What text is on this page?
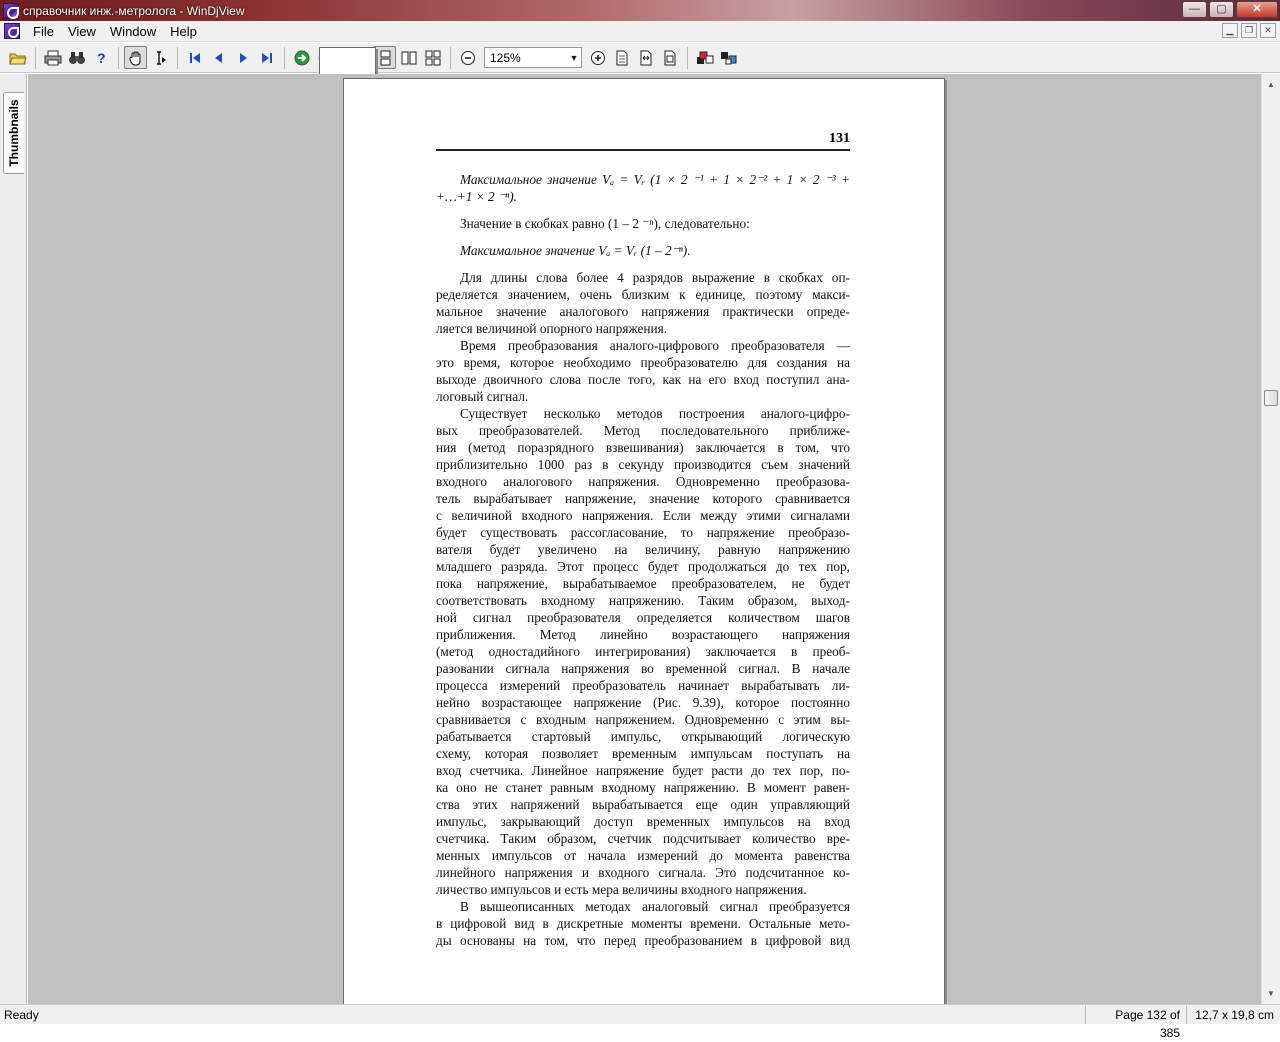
справочник инж.-метролога - WinDjView	—	▢	✕
File	View	Window	Help	▁	❐	✕
?	125%	▼
Thumbnails	131
Максимальное значение Vₐ = Vᵣ (1 × 2 ⁻¹ + 1 × 2⁻² + 1 × 2 ⁻³ +
+…+1 × 2 ⁻ⁿ).
Значение в скобках равно (1 – 2 ⁻ⁿ), следовательно:
Максимальное значение Vₐ = Vᵣ (1 – 2⁻ⁿ).
Для длины слова более 4 разрядов выражение в скобках оп-
ределяется значением, очень близким к единице, поэтому макси-
мальное значение аналогового напряжения практически опреде-
ляется величиной опорного напряжения.
Время преобразования аналого-цифрового преобразователя —
это время, которое необходимо преобразователю для создания на
выходе двоичного слова после того, как на его вход поступил ана-
логовый сигнал.
Существует несколько методов построения аналого-цифро-
вых преобразователей. Метод последовательного приближе-
ния (метод поразрядного взвешивания) заключается в том, что
приблизительно 1000 раз в секунду производится съем значений
входного аналогового напряжения. Одновременно преобразова-
тель вырабатывает напряжение, значение которого сравнивается
с величиной входного напряжения. Если между этими сигналами
будет существовать рассогласование, то напряжение преобразо-
вателя будет увеличено на величину, равную напряжению
младшего разряда. Этот процесс будет продолжаться до тех пор,
пока напряжение, вырабатываемое преобразователем, не будет
соответствовать входному напряжению. Таким образом, выход-
ной сигнал преобразователя определяется количеством шагов
приближения. Метод линейно возрастающего напряжения
(метод одностадийного интегрирования) заключается в преоб-
разовании сигнала напряжения во временной сигнал. В начале
процесса измерений преобразователь начинает вырабатывать ли-
нейно возрастающее напряжение (Рис. 9.39), которое постоянно
сравнивается с входным напряжением. Одновременно с этим вы-
рабатывается стартовый импульс, открывающий логическую
схему, которая позволяет временным импульсам поступать на
вход счетчика. Линейное напряжение будет расти до тех пор, по-
ка оно не станет равным входному напряжению. В момент равен-
ства этих напряжений вырабатывается еще один управляющий
импульс, закрывающий доступ временных импульсов на вход
счетчика. Таким образом, счетчик подсчитывает количество вре-
менных импульсов от начала измерений до момента равенства
линейного напряжения и входного сигнала. Это подсчитанное ко-
личество импульсов и есть мера величины входного напряжения.
В вышеописанных методах аналоговый сигнал преобразуется
в цифровой вид в дискретные моменты времени. Остальные мето-
ды основаны на том, что перед преобразованием в цифровой вид
▲
▼
Ready	Page 132 of 385
12,7 x 19,8 cm
